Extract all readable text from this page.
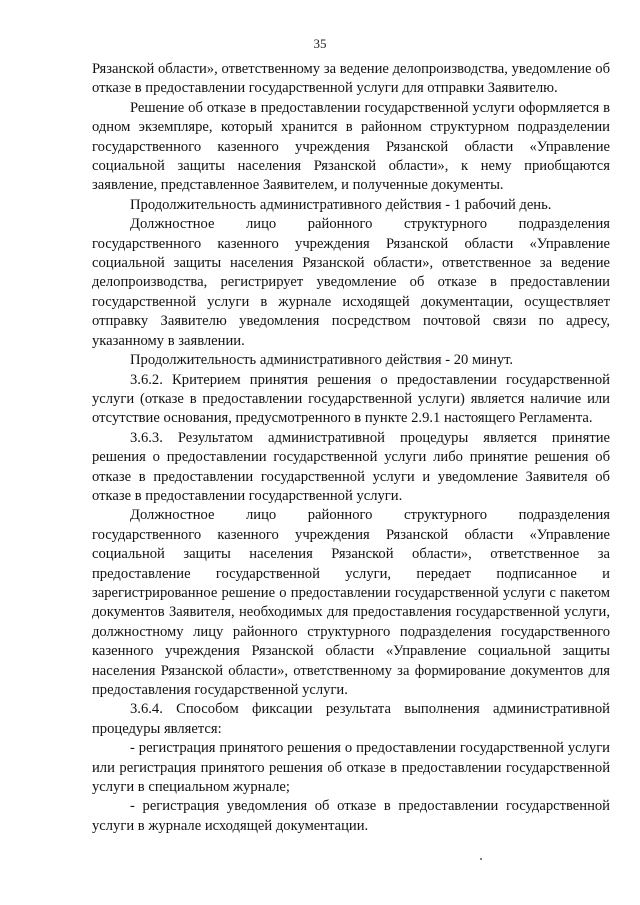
35

Рязанской области», ответственному за ведение делопроизводства, уведомление об отказе в предоставлении государственной услуги для отправки Заявителю.

Решение об отказе в предоставлении государственной услуги оформляется в одном экземпляре, который хранится в районном структурном подразделении государственного казенного учреждения Рязанской области «Управление социальной защиты населения Рязанской области», к нему приобщаются заявление, представленное Заявителем, и полученные документы.

Продолжительность административного действия - 1 рабочий день.

Должностное лицо районного структурного подразделения государственного казенного учреждения Рязанской области «Управление социальной защиты населения Рязанской области», ответственное за ведение делопроизводства, регистрирует уведомление об отказе в предоставлении государственной услуги в журнале исходящей документации, осуществляет отправку Заявителю уведомления посредством почтовой связи по адресу, указанному в заявлении.

Продолжительность административного действия - 20 минут.

3.6.2. Критерием принятия решения о предоставлении государственной услуги (отказе в предоставлении государственной услуги) является наличие или отсутствие основания, предусмотренного в пункте 2.9.1 настоящего Регламента.

3.6.3. Результатом административной процедуры является принятие решения о предоставлении государственной услуги либо принятие решения об отказе в предоставлении государственной услуги и уведомление Заявителя об отказе в предоставлении государственной услуги.

Должностное лицо районного структурного подразделения государственного казенного учреждения Рязанской области «Управление социальной защиты населения Рязанской области», ответственное за предоставление государственной услуги, передает подписанное и зарегистрированное решение о предоставлении государственной услуги с пакетом документов Заявителя, необходимых для предоставления государственной услуги, должностному лицу районного структурного подразделения государственного казенного учреждения Рязанской области «Управление социальной защиты населения Рязанской области», ответственному за формирование документов для предоставления государственной услуги.

3.6.4. Способом фиксации результата выполнения административной процедуры является:

- регистрация принятого решения о предоставлении государственной услуги или регистрация принятого решения об отказе в предоставлении государственной услуги в специальном журнале;

- регистрация уведомления об отказе в предоставлении государственной услуги в журнале исходящей документации.
